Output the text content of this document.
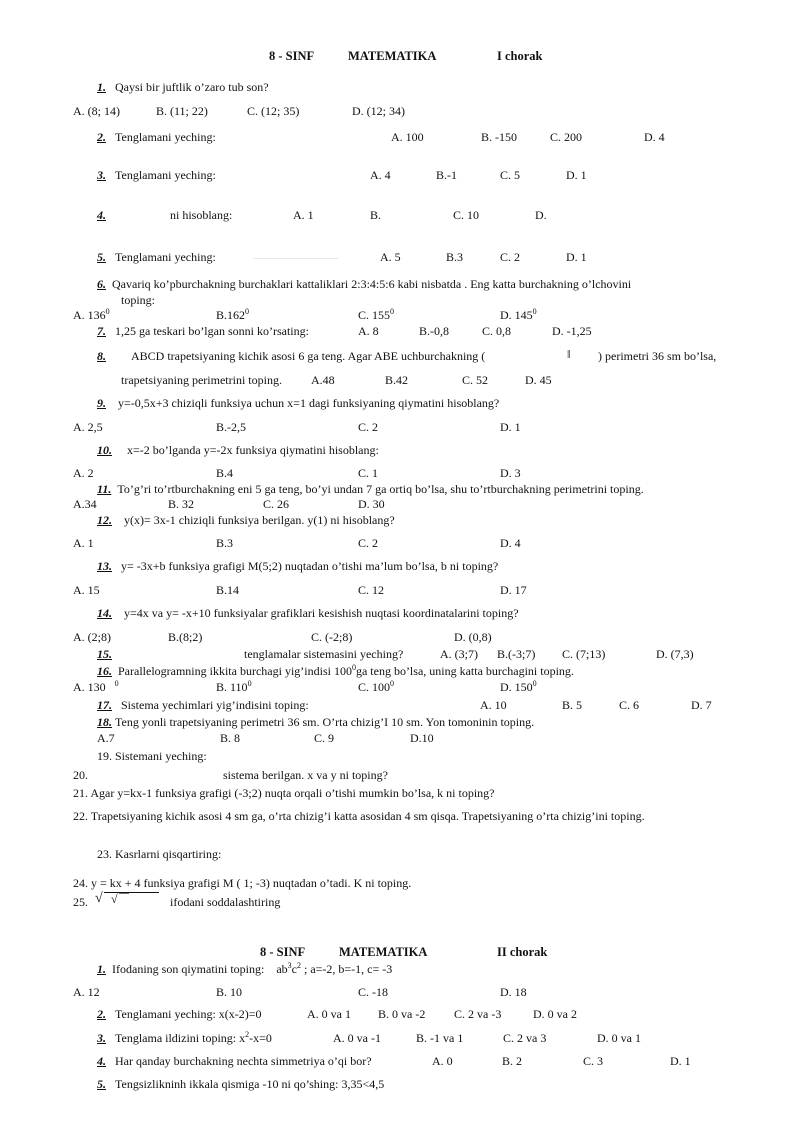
8 - SINF	MATEMATIKA	I chorak
1. Qaysi bir juftlik o’zaro tub son?
A. (8; 14)	B. (11; 22)	C. (12; 35)	D. (12; 34)
2. Tenglamani yeching:	A. 100	B. -150	C. 200	D. 4
3. Tenglamani yeching:	A. 4	B.-1	C. 5	D. 1
4.	ni hisoblang:	A. 1	B.	C. 10	D.
5. Tenglamani yeching:	A. 5	B.3	C. 2	D. 1
6. Qavariq ko’pburchakning burchaklari kattaliklari 2:3:4:5:6 kabi nisbatda . Eng katta burchakning o’lchovini
toping:
A. $136^0$	B.162$^0$	C. $155^0$	D. $145^0$
7. 1,25 ga teskari bo’lgan sonni ko’rsating:	A. 8	B.-0,8	C. 0,8	D. -1,25
8.	ABCD trapetsiyaning kichik asosi 6 ga teng. Agar ABE uchburchakning (	‖ ) perimetri 36 sm bo’lsa,
trapetsiyaning perimetrini toping. A.48	B.42	C. 52	D. 45
9. y=-0,5x+3 chiziqli funksiya uchun x=1 dagi funksiyaning qiymatini hisoblang?
A. 2,5	B.-2,5	C. 2	D. 1
10. x=-2 bo’lganda y=-2x funksiya qiymatini hisoblang:
A. 2	B.4	C. 1	D. 3
11. To’g’ri to’rtburchakning eni 5 ga teng, bo’yi undan 7 ga ortiq bo’lsa, shu to’rtburchakning perimetrini toping.
A.34	B. 32	C. 26	D. 30
12. y(x)= 3x-1 chiziqli funksiya berilgan. y(1) ni hisoblang?
A. 1	B.3	C. 2	D. 4
13. y= -3x+b funksiya grafigi M(5;2) nuqtadan o’tishi ma’lum bo’lsa, b ni toping?
A. 15	B.14	C. 12	D. 17
14. y=4x va y= -x+10 funksiyalar grafiklari kesishish nuqtasi koordinatalarini toping?
A. (2;8)	B.(8;2)	C. (-2;8)	D. (0,8)
15.	tenglamalar sistemasini yeching?	A. (3;7) B.(-3;7) C. (7;13)	D. (7,3)
16. Parallelogramning ikkita burchagi yig’indisi $100^0ga$ teng bo’lsa, uning katta burchagini toping.
A. 130 $^0$	B. $110^0$	C. $100^0$	D. $150^0$
17. Sistema yechimlari yig’indisini toping:	A. 10	B. 5	C. 6	D. 7
18. Teng yonli trapetsiyaning perimetri 36 sm. O’rta chizig’I 10 sm. Yon tomoninin toping.
A.7	B. 8	C. 9	D.10
19. Sistemani yeching:
20.	sistema berilgan. x va y ni toping?
21. Agar y=kx-1 funksiya grafigi (-3;2) nuqta orqali o’tishi mumkin bo’lsa, k ni toping?
22. Trapetsiyaning kichik asosi 4 sm ga, o’rta chizig’i katta asosidan 4 sm qisqa. Trapetsiyaning o’rta chizig’ini toping.
23. Kasrlarni qisqartiring:
24. y = kx + 4 funksiya grafigi M ( 1; -3) nuqtadan o’tadi. K ni toping.
25. √ √	ifodani soddalashtiring
8 - SINF	MATEMATIKA	II chorak
1. Ifodaning son qiymatini toping: $ab^3c^2$ ; a=-2, b=-1, c= -3
A. 12	B. 10	C. -18	D. 18
2. Tenglamani yeching: x(x-2)=0	A. 0 va 1 B. 0 va -2 C. 2 va -3	D. 0 va 2
3. Tenglama ildizini toping: $x^2-x=0$	A. 0 va -1	B. -1 va 1	C. 2 va 3	D. 0 va 1
4. Har qanday burchakning nechta simmetriya o’qi bor?	A. 0	B. 2	C. 3	D. 1
5. Tengsizlikninh ikkala qismiga -10 ni qo’shing: 3,35<4,5
